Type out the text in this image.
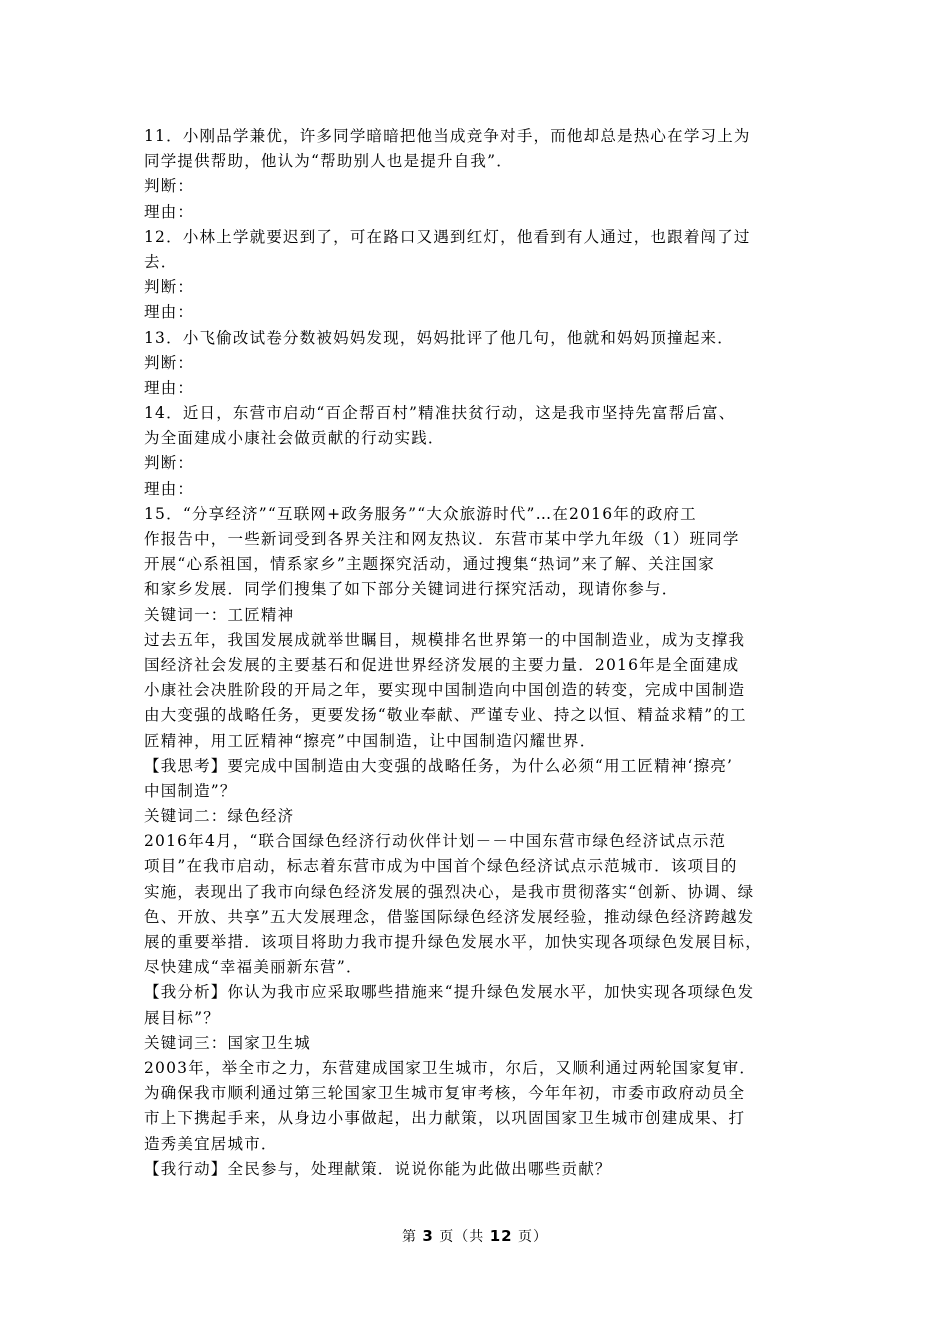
11．小刚品学兼优，许多同学暗暗把他当成竞争对手，而他却总是热心在学习上为
同学提供帮助，他认为“帮助别人也是提升自我”．
判断：
理由：
12．小林上学就要迟到了，可在路口又遇到红灯，他看到有人通过，也跟着闯了过
去．
判断：
理由：
13．小飞偷改试卷分数被妈妈发现，妈妈批评了他几句，他就和妈妈顶撞起来．
判断：
理由：
14．近日，东营市启动“百企帮百村”精准扶贫行动，这是我市坚持先富帮后富、
为全面建成小康社会做贡献的行动实践．
判断：
理由：
15．“分享经济”“互联网+政务服务”“大众旅游时代”…在2016年的政府工
作报告中，一些新词受到各界关注和网友热议．东营市某中学九年级（1）班同学
开展“心系祖国，情系家乡”主题探究活动，通过搜集“热词”来了解、关注国家
和家乡发展．同学们搜集了如下部分关键词进行探究活动，现请你参与．
关键词一：工匠精神
过去五年，我国发展成就举世瞩目，规模排名世界第一的中国制造业，成为支撑我
国经济社会发展的主要基石和促进世界经济发展的主要力量．2016年是全面建成
小康社会决胜阶段的开局之年，要实现中国制造向中国创造的转变，完成中国制造
由大变强的战略任务，更要发扬“敬业奉献、严谨专业、持之以恒、精益求精”的工
匠精神，用工匠精神“擦亮”中国制造，让中国制造闪耀世界．
【我思考】要完成中国制造由大变强的战略任务，为什么必须“用工匠精神‘擦亮’
中国制造”？
关键词二：绿色经济
2016年4月，“联合国绿色经济行动伙伴计划－－中国东营市绿色经济试点示范
项目”在我市启动，标志着东营市成为中国首个绿色经济试点示范城市．该项目的
实施，表现出了我市向绿色经济发展的强烈决心，是我市贯彻落实“创新、协调、绿
色、开放、共享”五大发展理念，借鉴国际绿色经济发展经验，推动绿色经济跨越发
展的重要举措．该项目将助力我市提升绿色发展水平，加快实现各项绿色发展目标，
尽快建成“幸福美丽新东营”．
【我分析】你认为我市应采取哪些措施来“提升绿色发展水平，加快实现各项绿色发
展目标”？
关键词三：国家卫生城
2003年，举全市之力，东营建成国家卫生城市，尔后，又顺利通过两轮国家复审．
为确保我市顺利通过第三轮国家卫生城市复审考核，今年年初，市委市政府动员全
市上下携起手来，从身边小事做起，出力献策，以巩固国家卫生城市创建成果、打
造秀美宜居城市．
【我行动】全民参与，处理献策．说说你能为此做出哪些贡献？
第 3 页（共 12 页）
